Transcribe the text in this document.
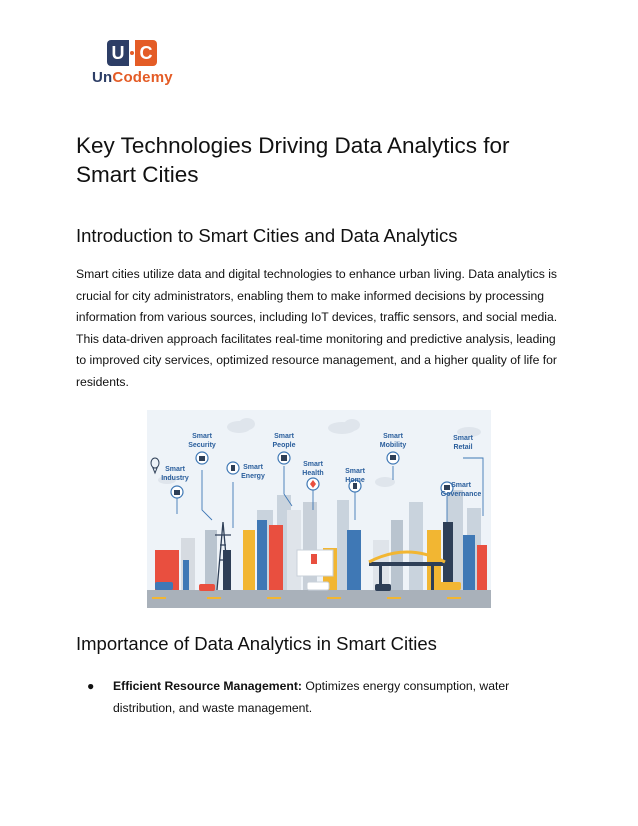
U C
UnCodemy
Key Technologies Driving Data Analytics for Smart Cities
Introduction to Smart Cities and Data Analytics

Smart cities utilize data and digital technologies to enhance urban living. Data analytics is crucial for city administrators, enabling them to make informed decisions by processing information from various sources, including IoT devices, traffic sensors, and social media. This data-driven approach facilitates real-time monitoring and predictive analysis, leading to improved city services, optimized resource management, and a higher quality of life for residents.

Smart
Security
Smart
People
Smart
Mobility
Smart
Retail
Smart
Industry
Smart
Energy
Smart
Health	Smart
Home
Smart
Governance
Importance of Data Analytics in Smart Cities
● Efficient Resource Management: Optimizes energy consumption, water distribution, and waste management.
